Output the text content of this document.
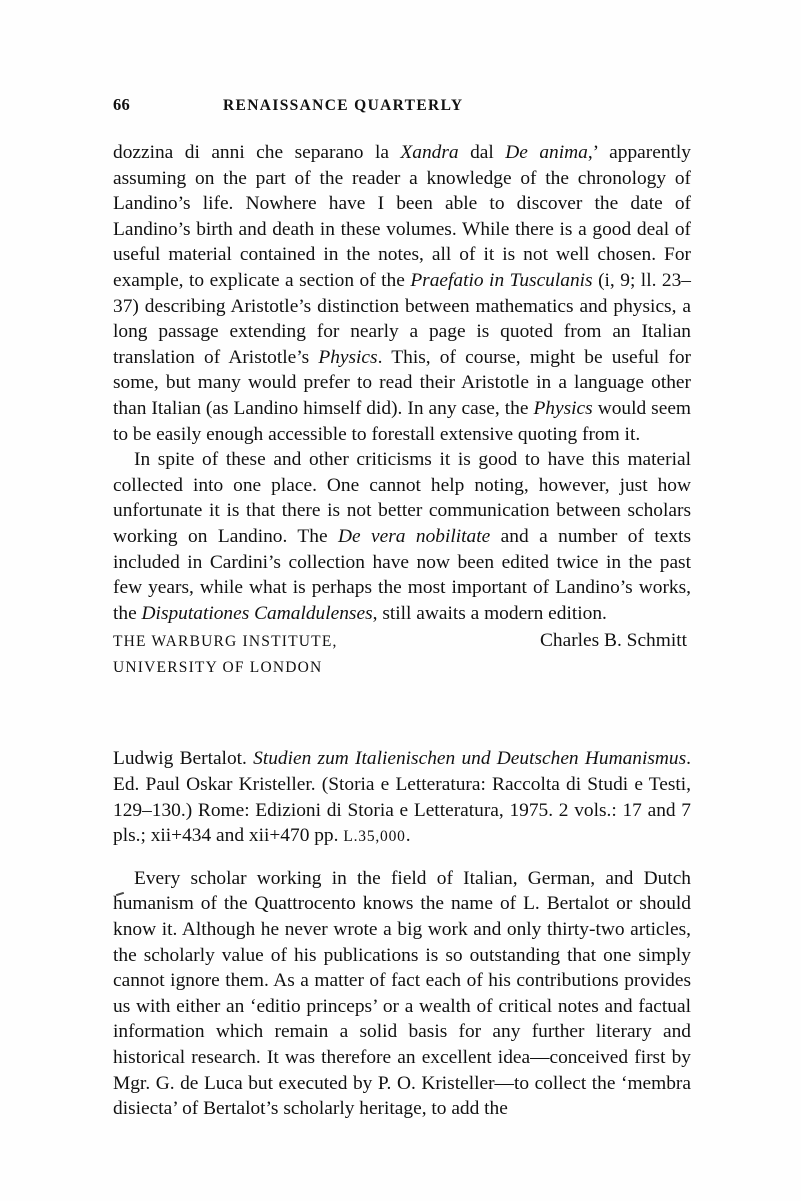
66	RENAISSANCE QUARTERLY

dozzina di anni che separano la Xandra dal De anima,’ apparently assuming on the part of the reader a knowledge of the chronology of Landino’s life. Nowhere have I been able to discover the date of Landino’s birth and death in these volumes. While there is a good deal of useful material contained in the notes, all of it is not well chosen. For example, to explicate a section of the Praefatio in Tusculanis (i, 9; ll. 23–37) describing Aristotle’s distinction between mathematics and physics, a long passage extending for nearly a page is quoted from an Italian translation of Aristotle’s Physics. This, of course, might be useful for some, but many would prefer to read their Aristotle in a language other than Italian (as Landino himself did). In any case, the Physics would seem to be easily enough accessible to forestall extensive quoting from it.

In spite of these and other criticisms it is good to have this material collected into one place. One cannot help noting, however, just how unfortunate it is that there is not better communication between scholars working on Landino. The De vera nobilitate and a number of texts included in Cardini’s collection have now been edited twice in the past few years, while what is perhaps the most important of Landino’s works, the Disputationes Camaldulenses, still awaits a modern edition.

THE WARBURG INSTITUTE,
UNIVERSITY OF LONDON
Charles B. Schmitt

Ludwig Bertalot. Studien zum Italienischen und Deutschen Humanismus. Ed. Paul Oskar Kristeller. (Storia e Letteratura: Raccolta di Studi e Testi, 129–130.) Rome: Edizioni di Storia e Letteratura, 1975. 2 vols.: 17 and 7 pls.; xii+434 and xii+470 pp. L.35,000.

Every scholar working in the field of Italian, German, and Dutch humanism of the Quattrocento knows the name of L. Bertalot or should know it. Although he never wrote a big work and only thirty-two articles, the scholarly value of his publications is so outstanding that one simply cannot ignore them. As a matter of fact each of his contributions provides us with either an ‘editio princeps’ or a wealth of critical notes and factual information which remain a solid basis for any further literary and historical research. It was therefore an excellent idea—conceived first by Mgr. G. de Luca but executed by P. O. Kristeller—to collect the ‘membra disiecta’ of Bertalot’s scholarly heritage, to add the
